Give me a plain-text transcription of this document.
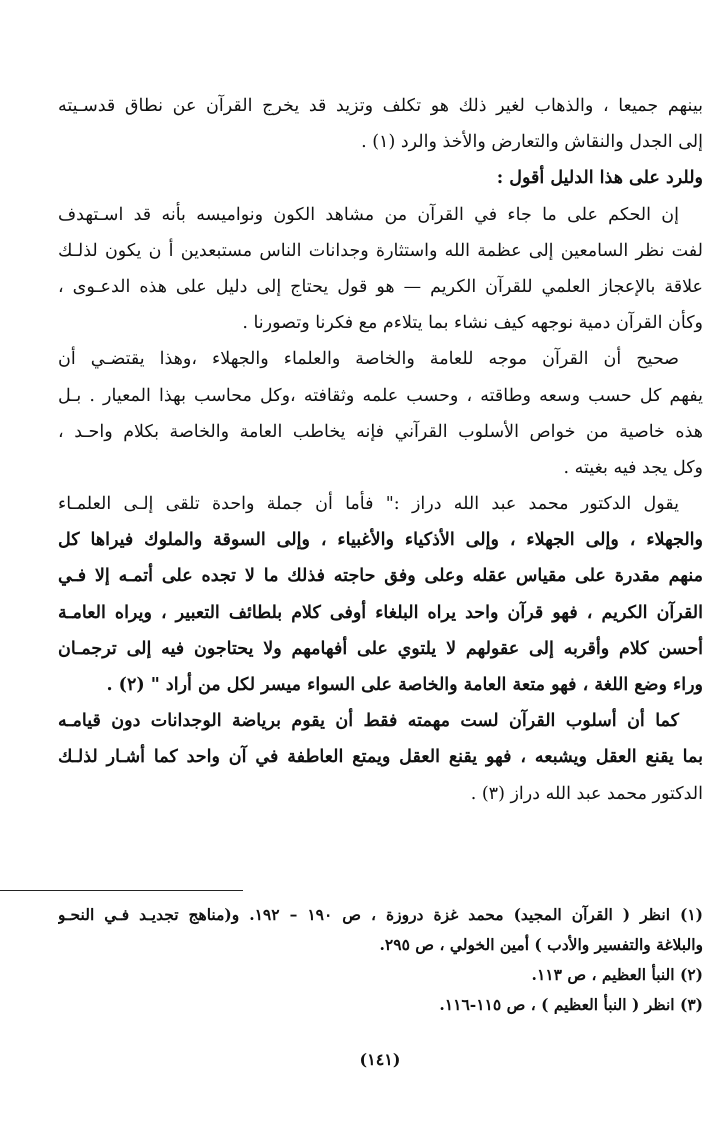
بينهم جميعا ، والذهاب لغير ذلك هو تكلف وتزيد قد يخرج القرآن عن نطاق قدسـيته
إلى الجدل والنقاش والتعارض والأخذ والرد (١) .
وللرد على هذا الدليل أقول :
إن الحكم على ما جاء في القرآن من مشاهد الكون ونواميسه بأنه قد اسـتهدف
لفت نظر السامعين إلى عظمة الله واستثارة وجدانات الناس مستبعدين أ ن يكون لذلـك
علاقة بالإعجاز العلمي للقرآن الكريم — هو قول يحتاج إلى دليل على هذه الدعـوى ،
وكأن القرآن دمية نوجهه كيف نشاء بما يتلاءم مع فكرنا وتصورنا .
صحيح أن القرآن موجه للعامة والخاصة والعلماء والجهلاء ،وهذا يقتضـي أن
يفهم كل حسب وسعه وطاقته ، وحسب علمه وثقافته ،وكل محاسب بهذا المعيار . بـل
هذه خاصية من خواص الأسلوب القرآني فإنه يخاطب العامة والخاصة بكلام واحـد ،
وكل يجد فيه بغيته .
يقول الدكتور محمد عبد الله دراز :" فأما أن جملة واحدة تلقى إلـى العلمـاء
والجهلاء ، وإلى الجهلاء ، وإلى الأذكياء والأغبياء ، وإلى السوقة والملوك فيراها كل
منهم مقدرة على مقياس عقله وعلى وفق حاجته فذلك ما لا تجده على أتمـه إلا فـي
القرآن الكريم ، فهو قرآن واحد يراه البلغاء أوفى كلام بلطائف التعبير ، ويراه العامـة
أحسن كلام وأقربه إلى عقولهم لا يلتوي على أفهامهم ولا يحتاجون فيه إلى ترجمـان
وراء وضع اللغة ، فهو متعة العامة والخاصة على السواء ميسر لكل من أراد " (٢) .
كما أن أسلوب القرآن لست مهمته فقط أن يقوم برياضة الوجدانات دون قيامـه
بما يقنع العقل ويشبعه ، فهو يقنع العقل ويمتع العاطفة في آن واحد كما أشـار لذلـك
الدكتور محمد عبد الله دراز (٣) .
(١) انظر ( القرآن المجيد) محمد غزة دروزة ، ص ١٩٠ – ١٩٢. و(مناهج تجديـد فـي النحـو
والبلاغة والتفسير والأدب ) أمين الخولي ، ص ٢٩٥.
(٢) النبأ العظيم ، ص ١١٣.
(٣) انظر ( النبأ العظيم ) ، ص ١١٥-١١٦.
(١٤١)
